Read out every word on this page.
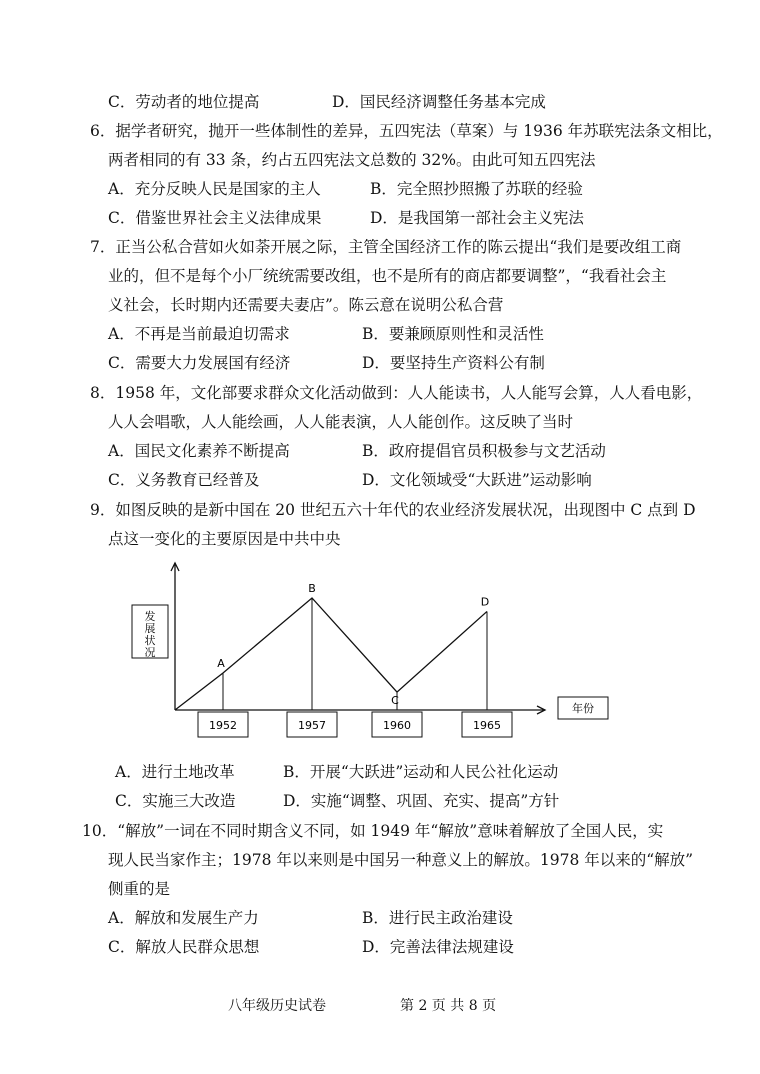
C．劳动者的地位提高	D．国民经济调整任务基本完成
6．据学者研究，抛开一些体制性的差异，五四宪法（草案）与 1936 年苏联宪法条文相比，
两者相同的有 33 条，约占五四宪法文总数的 32%。由此可知五四宪法
A．充分反映人民是国家的主人	B．完全照抄照搬了苏联的经验
C．借鉴世界社会主义法律成果	D．是我国第一部社会主义宪法
7．正当公私合营如火如荼开展之际，主管全国经济工作的陈云提出“我们是要改组工商
业的，但不是每个小厂统统需要改组，也不是所有的商店都要调整”，“我看社会主
义社会，长时期内还需要夫妻店”。陈云意在说明公私合营
A．不再是当前最迫切需求	B．要兼顾原则性和灵活性
C．需要大力发展国有经济	D．要坚持生产资料公有制
8．1958 年，文化部要求群众文化活动做到：人人能读书，人人能写会算，人人看电影，
人人会唱歌，人人能绘画，人人能表演，人人能创作。这反映了当时
A．国民文化素养不断提高	B．政府提倡官员积极参与文艺活动
C．义务教育已经普及	D．文化领域受“大跃进”运动影响
9．如图反映的是新中国在 20 世纪五六十年代的农业经济发展状况，出现图中 C 点到 D
点这一变化的主要原因是中共中央
发
展
状
况
年份
A
1952
B
1957
C
1960
D
1965
A．进行土地改革	B．开展“大跃进”运动和人民公社化运动
C．实施三大改造	D．实施“调整、巩固、充实、提高”方针
10．“解放”一词在不同时期含义不同，如 1949 年“解放”意味着解放了全国人民，实
现人民当家作主；1978 年以来则是中国另一种意义上的解放。1978 年以来的“解放”
侧重的是
A．解放和发展生产力	B．进行民主政治建设
C．解放人民群众思想	D．完善法律法规建设
八年级历史试卷	第 2 页 共 8 页
